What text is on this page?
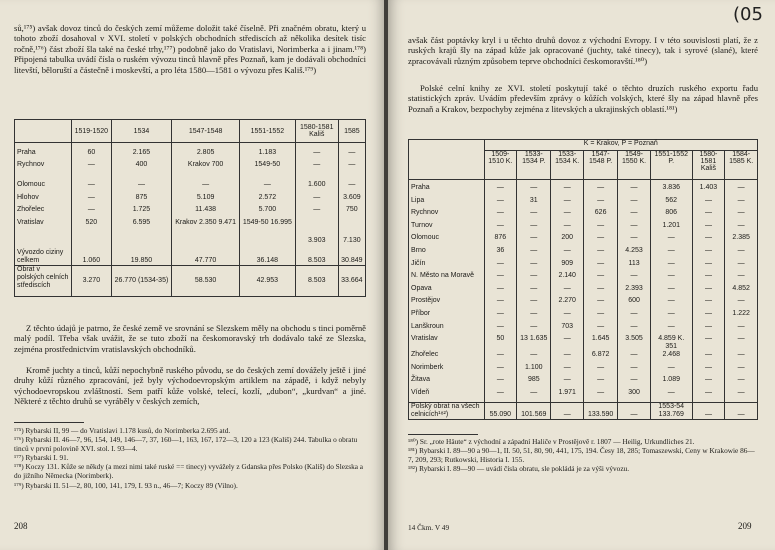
sů,¹⁷⁵) avšak dovoz tinců do českých zemí můžeme doložit také číselně. Při značném obratu, který u tohoto zboží dosahoval v XVI. století v polských obchodních střediscích až několika desítek tisíc ročně,¹⁷⁶) část zboží šla také na české trhy,¹⁷⁷) podobně jako do Vratislavi, Norimberka a i jinam.¹⁷⁸) Připojená tabulka uvádí čísla o ruském vývozu tinců hlavně přes Poznaň, kam je dodávali obchodníci litevští, běloruští a částečně i moskevští, a pro léta 1580—1581 o vývozu přes Kališ.¹⁷⁹)

	1519-1520	1534	1547-1548	1551-1552	1580-1581 Kališ	1585
Praha	60	2.165	2.805	1.183	—	—
Rychnov	—	400	Krakov 700	1549-50	—	—
Olomouc	—	—	—	—	1.600	—
Hlohov	—	875	5.109	2.572	—	3.609
Zhořelec	—	1.725	11.438	5.700	—	750
Vratislav	520	6.595	Krakov 2.350 9.471	1549-50 16.995	3.903	7.130
Vývozdo ciziny celkem	1.060	19.850	47.770	36.148	8.503	30.849
Obrat v polských celních střediscích	3.270	26.770 (1534-35)	58.530	42.953	8.503	33.664

Z těchto údajů je patrno, že české země ve srovnání se Slezskem měly na obchodu s tinci poměrně malý podíl. Třeba však uvážit, že se tuto zboží na českomoravský trh dodávalo také ze Slezska, zejména prostřednictvím vratislavských obchodníků.

Kromě juchty a tinců, kůží nepochybně ruského původu, se do českých zemí dovážely ještě i jiné druhy kůží různého zpracování, jež byly východoevropským artiklem na západě, i když nebyly východoevropskou zvláštností. Sem patří kůže volské, telecí, kozlí, „dubon“, „kurdvan“ a jiné. Některé z těchto druhů se vyráběly v českých zemích,

¹⁷⁵) Rybarski II, 99 — do Vratislavi 1.178 kusů, do Norimberka 2.695 atd.

¹⁷⁶) Rybarski II. 46—7, 96, 154, 149, 146—7, 37, 160—1, 163, 167, 172—3, 120 a 123 (Kališ) 244. Tabulka o obratu tinců v první polovině XVI. stol. I. 93—4.

¹⁷⁷) Rybarski I. 91.

¹⁷⁸) Koczy 131. Kůže se někdy (a mezi nimi také ruské == tinecy) vyvážely z Gdanska přes Polsko (Kališ) do Slezska a do jižního Německa (Norimberk).

¹⁷⁹) Rybarski II. 51—2, 80, 100, 141, 179, I. 93 n., 46—7; Koczy 89 (Vilno).

208

avšak část poptávky kryl i u těchto druhů dovoz z východní Evropy. I v této souvislosti platí, že z ruských krajů šly na západ kůže jak opracované (juchty, také tinecy), tak i syrové (slané), které zpracovávali různým způsobem teprve obchodníci českomoravští.¹⁸⁰)

Polské celní knihy ze XVI. století poskytují také o těchto druzích ruského exportu řadu statistických zpráv. Uvádím především zprávy o kůžích volských, které šly na západ hlavně přes Poznaň a Krakov, bezpochyby zejména z litevských a ukrajinských oblastí.¹⁸¹)

	K = Krakov, P = Poznaň							
	1509-1510 K.	1533-1534 P.	1533-1534 K.	1547-1548 P.	1549-1550 K.	1551-1552 P.	1580-1581 Kališ	1584-1585 K.
Praha	—	—	—	—	—	3.836	1.403	—
Lipa	—	31	—	—	—	562	—	—
Rychnov	—	—	—	626	—	806	—	—
Turnov	—	—	—	—	—	1.201	—	—
Olomouc	876	—	200	—	—	—	—	2.385
Brno	36	—	—	—	4.253	—	—	—
Jičín	—	—	909	—	113	—	—	—
N. Město na Moravě	—	—	2.140	—	—	—	—	—
Opava	—	—	—	—	2.393	—	—	4.852
Prostějov	—	—	2.270	—	600	—	—	—
Příbor	—	—	—	—	—	—	—	1.222
Lanškroun	—	—	703	—	—	—	—	—
Vratislav	50	13 1.635	—	1.645	3.505	4.859 K. 351	—	—
Zhořelec	—	—	—	6.872	—	2.468	—	—
Norimberk	—	1.100	—	—	—	—	—	—
Žitava	—	985	—	—	—	1.089	—	—
Vídeň	—	—	1.971	—	300	—	—	—
Polský obrat na všech celnicích¹⁸²)	55.090	101.569	—	133.590	—	1553-54 133.769	—	—

¹⁸⁰) Sr. „rote Häute“ z východní a západní Haliče v Prostějově r. 1807 — Heilig, Urkundliches 21.

¹⁸¹) Rybarski I. 89—90 a 90—1, II. 50, 51, 80, 90, 441, 175, 194. Česy 18, 285; Tomaszewski, Ceny w Krakowie 86—7, 209, 293; Rutkowski, Historia I. 155.

¹⁸²) Rybarski I. 89—90 — uvádí čísla obratu, sle pokládá je za výši vývozu.

14 Čkm. V 49	209
(05
